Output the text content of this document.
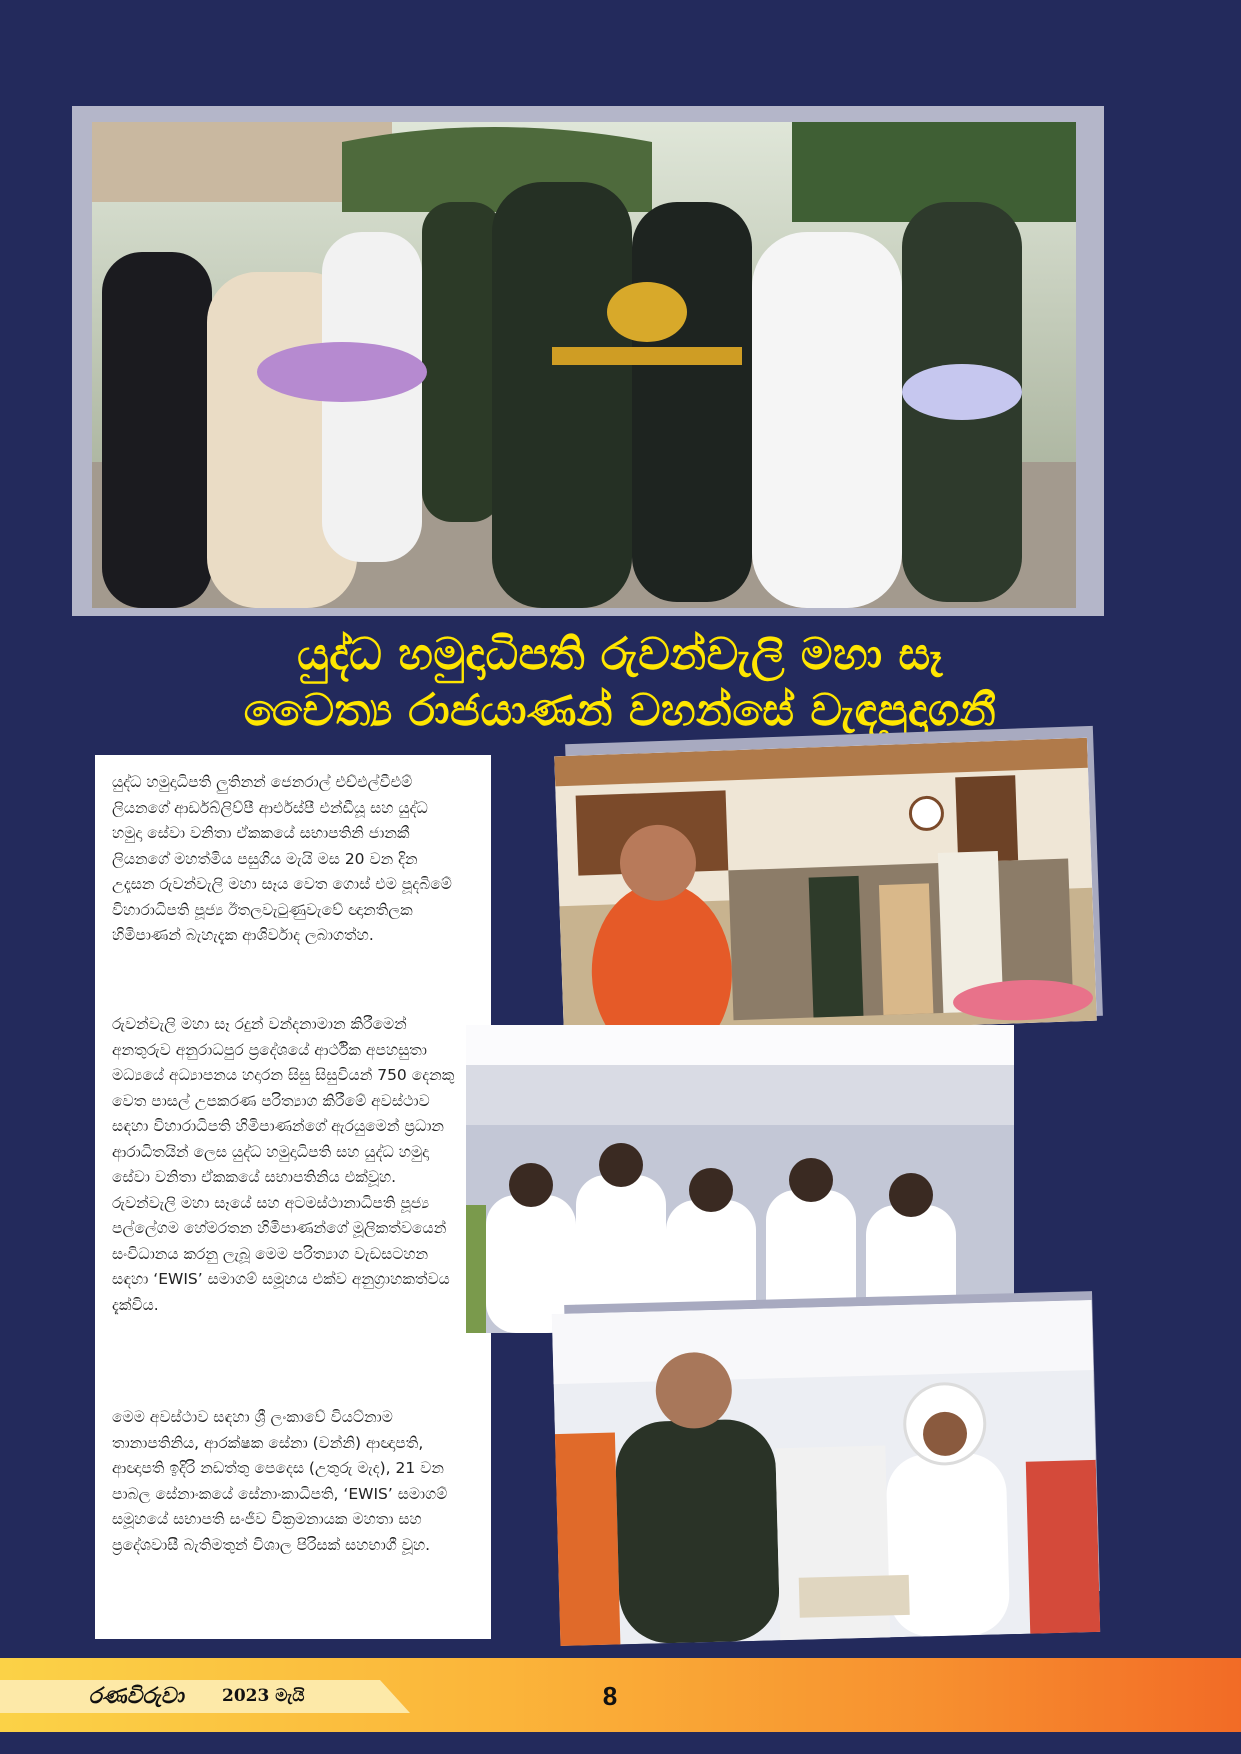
යුද්ධ හමුදාධිපති රුවන්වැලි මහා සෑ
චෛත්‍ය රාජයාණන් වහන්සේ වැඳපුදාගනී

යුද්ධ හමුදාධිපති ලුතිනන් ජෙනරාල් එච්එල්වීඑම් ලියනගේ ආර්ඩබ්ලිව්පී ආර්එස්පී එන්ඩීයූ සහ යුද්ධ හමුදා සේවා වනිතා ඒකකයේ සභාපතිනි ජානකී ලියනගේ මහත්මිය පසුගිය මැයි මස 20 වන දින උදෑසන රුවන්වැලි මහා සෑය වෙත ගොස් එම පූදබිමේ විහාරාධිපති පූජ්‍ය ඊතලවැටුණුවැවේ ඥානතිලක හිමිපාණන් බැහැදැක ආශිර්වාද ලබාගත්හ.

රුවන්වැලි මහා සෑ රදුන් වන්දනාමාන කිරීමෙන් අනතුරුව අනුරාධපුර ප්‍රදේශයේ ආර්ථික අපහසුතා මධ්‍යයේ අධ්‍යාපනය හදාරන සිසු සිසුවියන් 750 දෙනකු වෙත පාසල් උපකරණ පරිත්‍යාග කිරීමේ අවස්ථාව සඳහා විහාරාධිපති හිමිපාණන්ගේ ඇරයුමෙන් ප්‍රධාන ආරාධිතයින් ලෙස යුද්ධ හමුදාධිපති සහ යුද්ධ හමුදා සේවා වනිතා ඒකකයේ සභාපතිනිය එක්වූහ. රුවන්වැලි මහා සෑයේ සහ අටමස්ථානාධිපති පූජ්‍ය පල්ලේගම හේමරතන හිමිපාණන්ගේ මූලිකත්වයෙන් සංවිධානය කරනු ලැබූ මෙම පරිත්‍යාග වැඩසටහන සඳහා ‘EWIS’ සමාගම් සමූහය එක්ව අනුග්‍රාහකත්වය දැක්විය.

මෙම අවස්ථාව සඳහා ශ්‍රී ලංකාවේ වියට්නාම තානාපතිනිය, ආරක්ෂක සේනා (වන්නි) ආඥාපති, ආඥාපති ඉදිරි නඩත්තු පෙදෙස (උතුරු මැද), 21 වන පාබල සේනාංකයේ සේනාංකාධිපති, ‘EWIS’ සමාගම් සමූහයේ සභාපති සංජීව වික්‍රමනායක මහතා සහ ප්‍රදේශවාසී බැතිමතුන් විශාල පිරිසක් සහභාගී වූහ.

රණවිරුවා 2023 මැයි	8
